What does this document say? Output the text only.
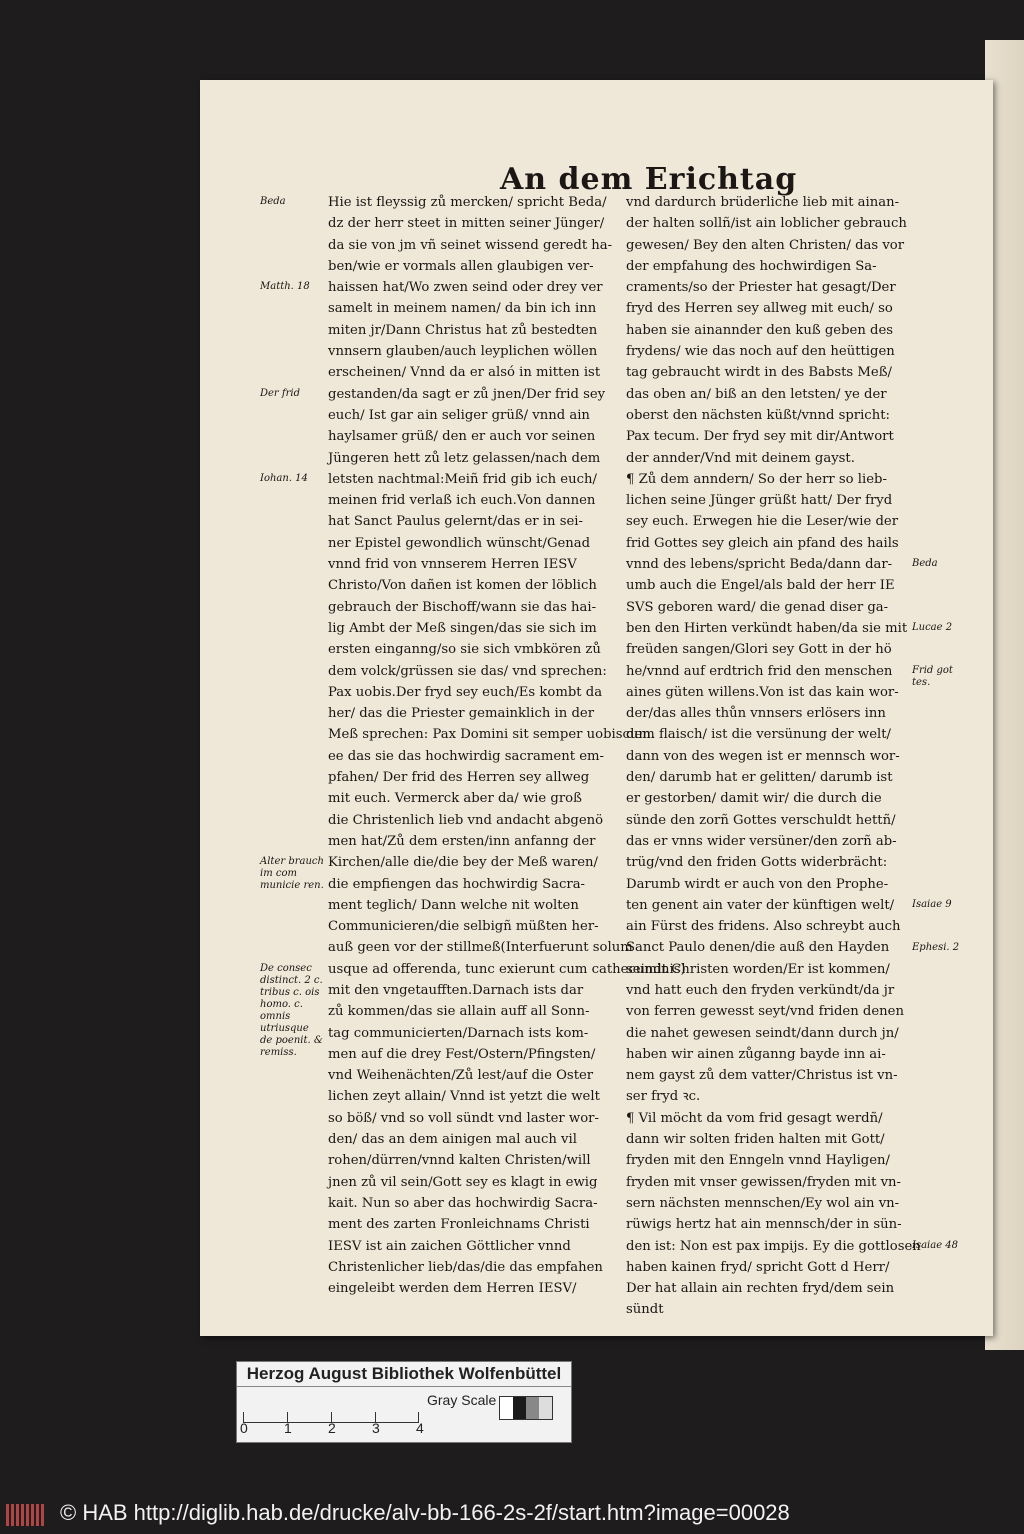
An dem Erichtag
Hie ist fleyssig zů mercken/ spricht Beda/
dz der herr steet in mitten seiner Jünger/
da sie von jm vñ seinet wissend geredt ha-
ben/wie er vormals allen glaubigen ver-
haissen hat/Wo zwen seind oder drey ver
samelt in meinem namen/ da bin ich inn
miten jr/Dann Christus hat zů bestedten
vnnsern glauben/auch leyplichen wöllen
erscheinen/ Vnnd da er alsó in mitten ist
gestanden/da sagt er zů jnen/Der frid sey
euch/ Ist gar ain seliger grüß/ vnnd ain
haylsamer grüß/ den er auch vor seinen
Jüngeren hett zů letz gelassen/nach dem
letsten nachtmal:Meiñ frid gib ich euch/
meinen frid verlaß ich euch.Von dannen
hat Sanct Paulus gelernt/das er in sei-
ner Epistel gewondlich wünscht/Genad
vnnd frid von vnnserem Herren IESV
Christo/Von dañen ist komen der löblich
gebrauch der Bischoff/wann sie das hai-
lig Ambt der Meß singen/das sie sich im
ersten einganng/so sie sich vmbkören zů
dem volck/grüssen sie das/ vnd sprechen:
Pax uobis.Der fryd sey euch/Es kombt da
her/ das die Priester gemainklich in der
Meß sprechen: Pax Domini sit semper uobiscum.
ee das sie das hochwirdig sacrament em-
pfahen/ Der frid des Herren sey allweg
mit euch. Vermerck aber da/ wie groß
die Christenlich lieb vnd andacht abgenö
men hat/Zů dem ersten/inn anfanng der
Kirchen/alle die/die bey der Meß waren/
die empfiengen das hochwirdig Sacra-
ment teglich/ Dann welche nit wolten
Communicieren/die selbigñ müßten her-
auß geen vor der stillmeß(Interfuerunt solum
usque ad offerenda, tunc exierunt cum cathecuminis)
mit den vngetaufften.Darnach ists dar
zů kommen/das sie allain auff all Sonn-
tag communicierten/Darnach ists kom-
men auf die drey Fest/Ostern/Pfingsten/
vnd Weihenächten/Zů lest/auf die Oster
lichen zeyt allain/ Vnnd ist yetzt die welt
so böß/ vnd so voll sündt vnd laster wor-
den/ das an dem ainigen mal auch vil
rohen/dürren/vnnd kalten Christen/will
jnen zů vil sein/Gott sey es klagt in ewig
kait. Nun so aber das hochwirdig Sacra-
ment des zarten Fronleichnams Christi
IESV ist ain zaichen Göttlicher vnnd
Christenlicher lieb/das/die das empfahen
eingeleibt werden dem Herren IESV/
vnd dardurch brüderliche lieb mit ainan-
der halten sollñ/ist ain loblicher gebrauch
gewesen/ Bey den alten Christen/ das vor
der empfahung des hochwirdigen Sa-
craments/so der Priester hat gesagt/Der
fryd des Herren sey allweg mit euch/ so
haben sie ainannder den kuß geben des
frydens/ wie das noch auf den heüttigen
tag gebraucht wirdt in des Babsts Meß/
das oben an/ biß an den letsten/ ye der
oberst den nächsten küßt/vnnd spricht:
Pax tecum. Der fryd sey mit dir/Antwort
der annder/Vnd mit deinem gayst.
¶ Zů dem anndern/ So der herr so lieb-
lichen seine Jünger grüßt hatt/ Der fryd
sey euch. Erwegen hie die Leser/wie der
frid Gottes sey gleich ain pfand des hails
vnnd des lebens/spricht Beda/dann dar-
umb auch die Engel/als bald der herr IE
SVS geboren ward/ die genad diser ga-
ben den Hirten verkündt haben/da sie mit
freüden sangen/Glori sey Gott in der hö
he/vnnd auf erdtrich frid den menschen
aines güten willens.Von ist das kain wor-
der/das alles thůn vnnsers erlösers inn
dem flaisch/ ist die versünung der welt/
dann von des wegen ist er mennsch wor-
den/ darumb hat er gelitten/ darumb ist
er gestorben/ damit wir/ die durch die
sünde den zorñ Gottes verschuldt hettñ/
das er vnns wider versüner/den zorñ ab-
trüg/vnd den friden Gotts widerbrächt:
Darumb wirdt er auch von den Prophe-
ten genent ain vater der künftigen welt/
ain Fürst des fridens. Also schreybt auch
Sanct Paulo denen/die auß den Hayden
seindt Christen worden/Er ist kommen/
vnd hatt euch den fryden verkündt/da jr
von ferren gewesst seyt/vnd friden denen
die nahet gewesen seindt/dann durch jn/
haben wir ainen zůganng bayde inn ai-
nem gayst zů dem vatter/Christus ist vn-
ser fryd ꝛc.
¶ Vil möcht da vom frid gesagt werdñ/
dann wir solten friden halten mit Gott/
fryden mit den Enngeln vnnd Hayligen/
fryden mit vnser gewissen/fryden mit vn-
sern nächsten mennschen/Ey wol ain vn-
rüwigs hertz hat ain mennsch/der in sün-
den ist: Non est pax impijs. Ey die gottlosen
haben kainen fryd/ spricht Gott d Herr/
Der hat allain ain rechten fryd/dem sein
sündt
Beda
Matth. 18
Der frid
Iohan. 14
Alter brauch im com municie ren.
De consec distinct. 2 c. tribus c. ois homo. c. omnis utriusque de poenit. & remiss.
Beda
Lucae 2
Frid got tes.
Isaiae 9
Ephesi. 2
Isaiae 48
Herzog August Bibliothek Wolfenbüttel
0	1	2	3	4
Gray Scale
© HAB http://diglib.hab.de/drucke/alv-bb-166-2s-2f/start.htm?image=00028
